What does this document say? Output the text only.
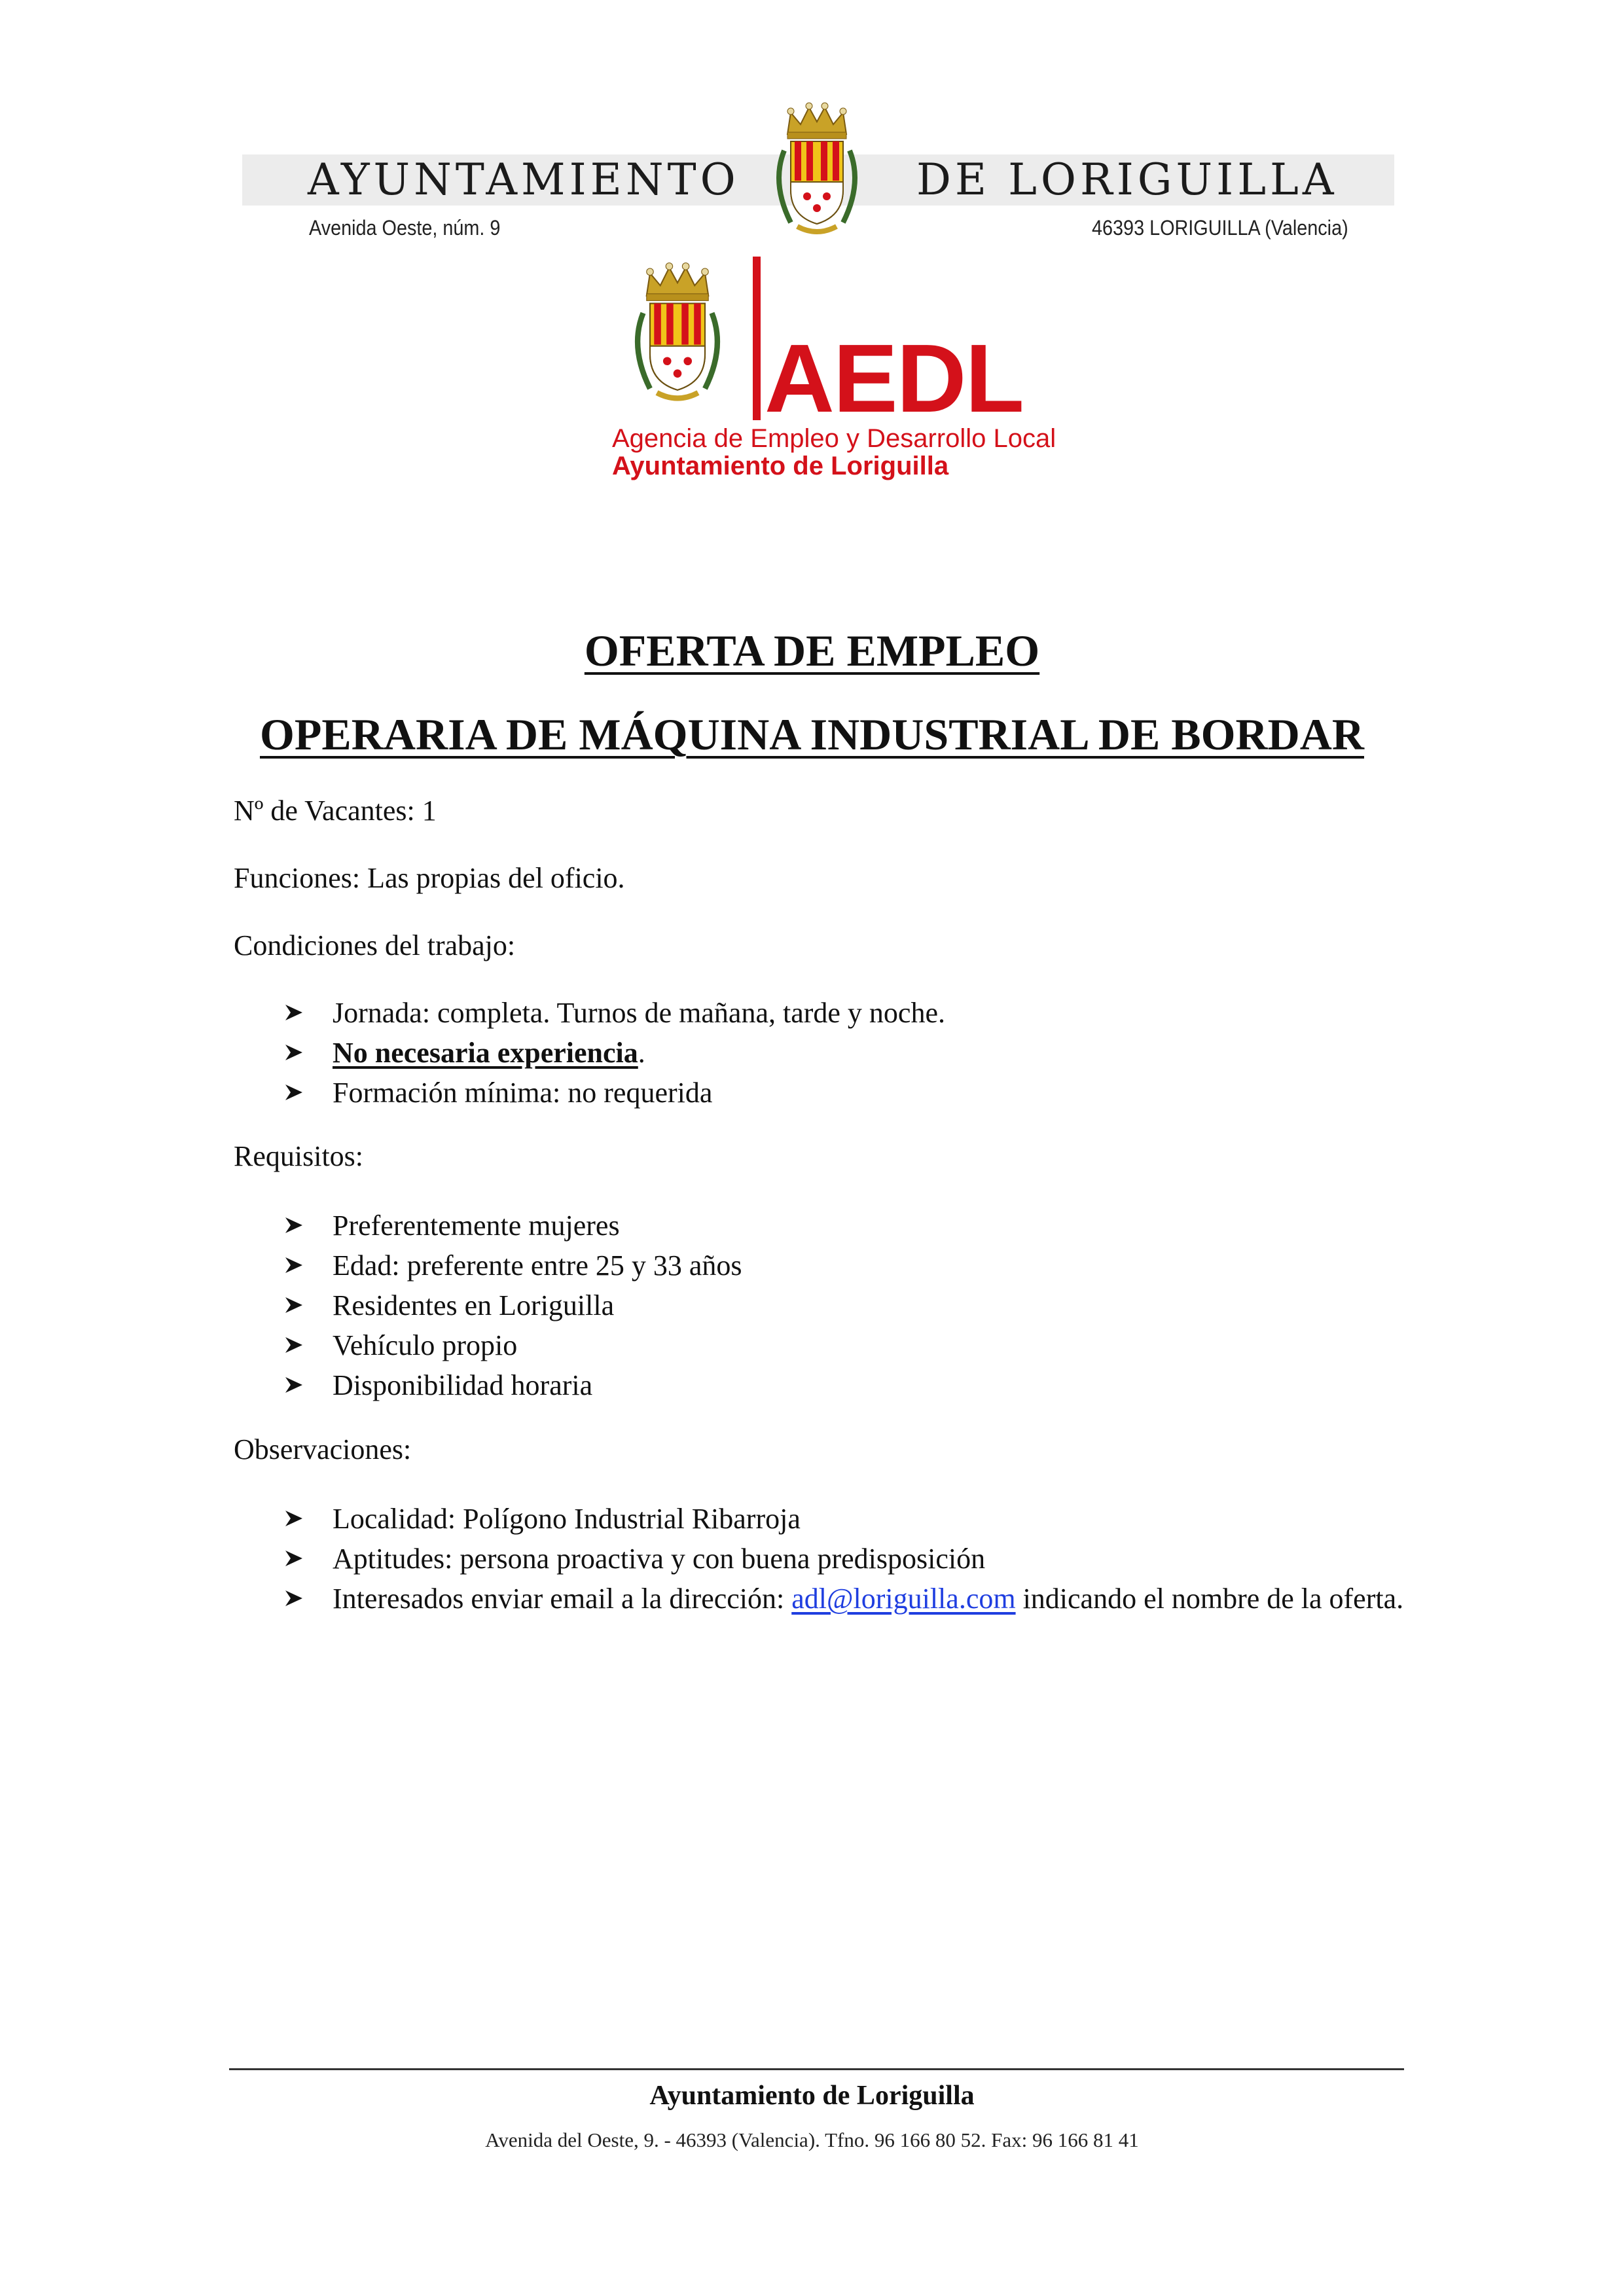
AYUNTAMIENTO	DE LORIGUILLA
Avenida Oeste, núm. 9	46393 LORIGUILLA (Valencia)
AEDL
Agencia de Empleo y Desarrollo Local
Ayuntamiento de Loriguilla
OFERTA DE EMPLEO
OPERARIA DE MÁQUINA INDUSTRIAL DE BORDAR
Nº de Vacantes: 1
Funciones: Las propias del oficio.
Condiciones del trabajo:
Jornada: completa. Turnos de mañana, tarde y noche.
No necesaria experiencia.
Formación mínima: no requerida
Requisitos:
Preferentemente mujeres
Edad: preferente entre 25 y 33 años
Residentes en Loriguilla
Vehículo propio
Disponibilidad horaria
Observaciones:
Localidad: Polígono Industrial Ribarroja
Aptitudes: persona proactiva y con buena predisposición
Interesados enviar email a la dirección: adl@loriguilla.com indicando el nombre de la oferta.
Ayuntamiento de Loriguilla
Avenida del Oeste, 9. - 46393 (Valencia). Tfno. 96 166 80 52. Fax: 96 166 81 41
